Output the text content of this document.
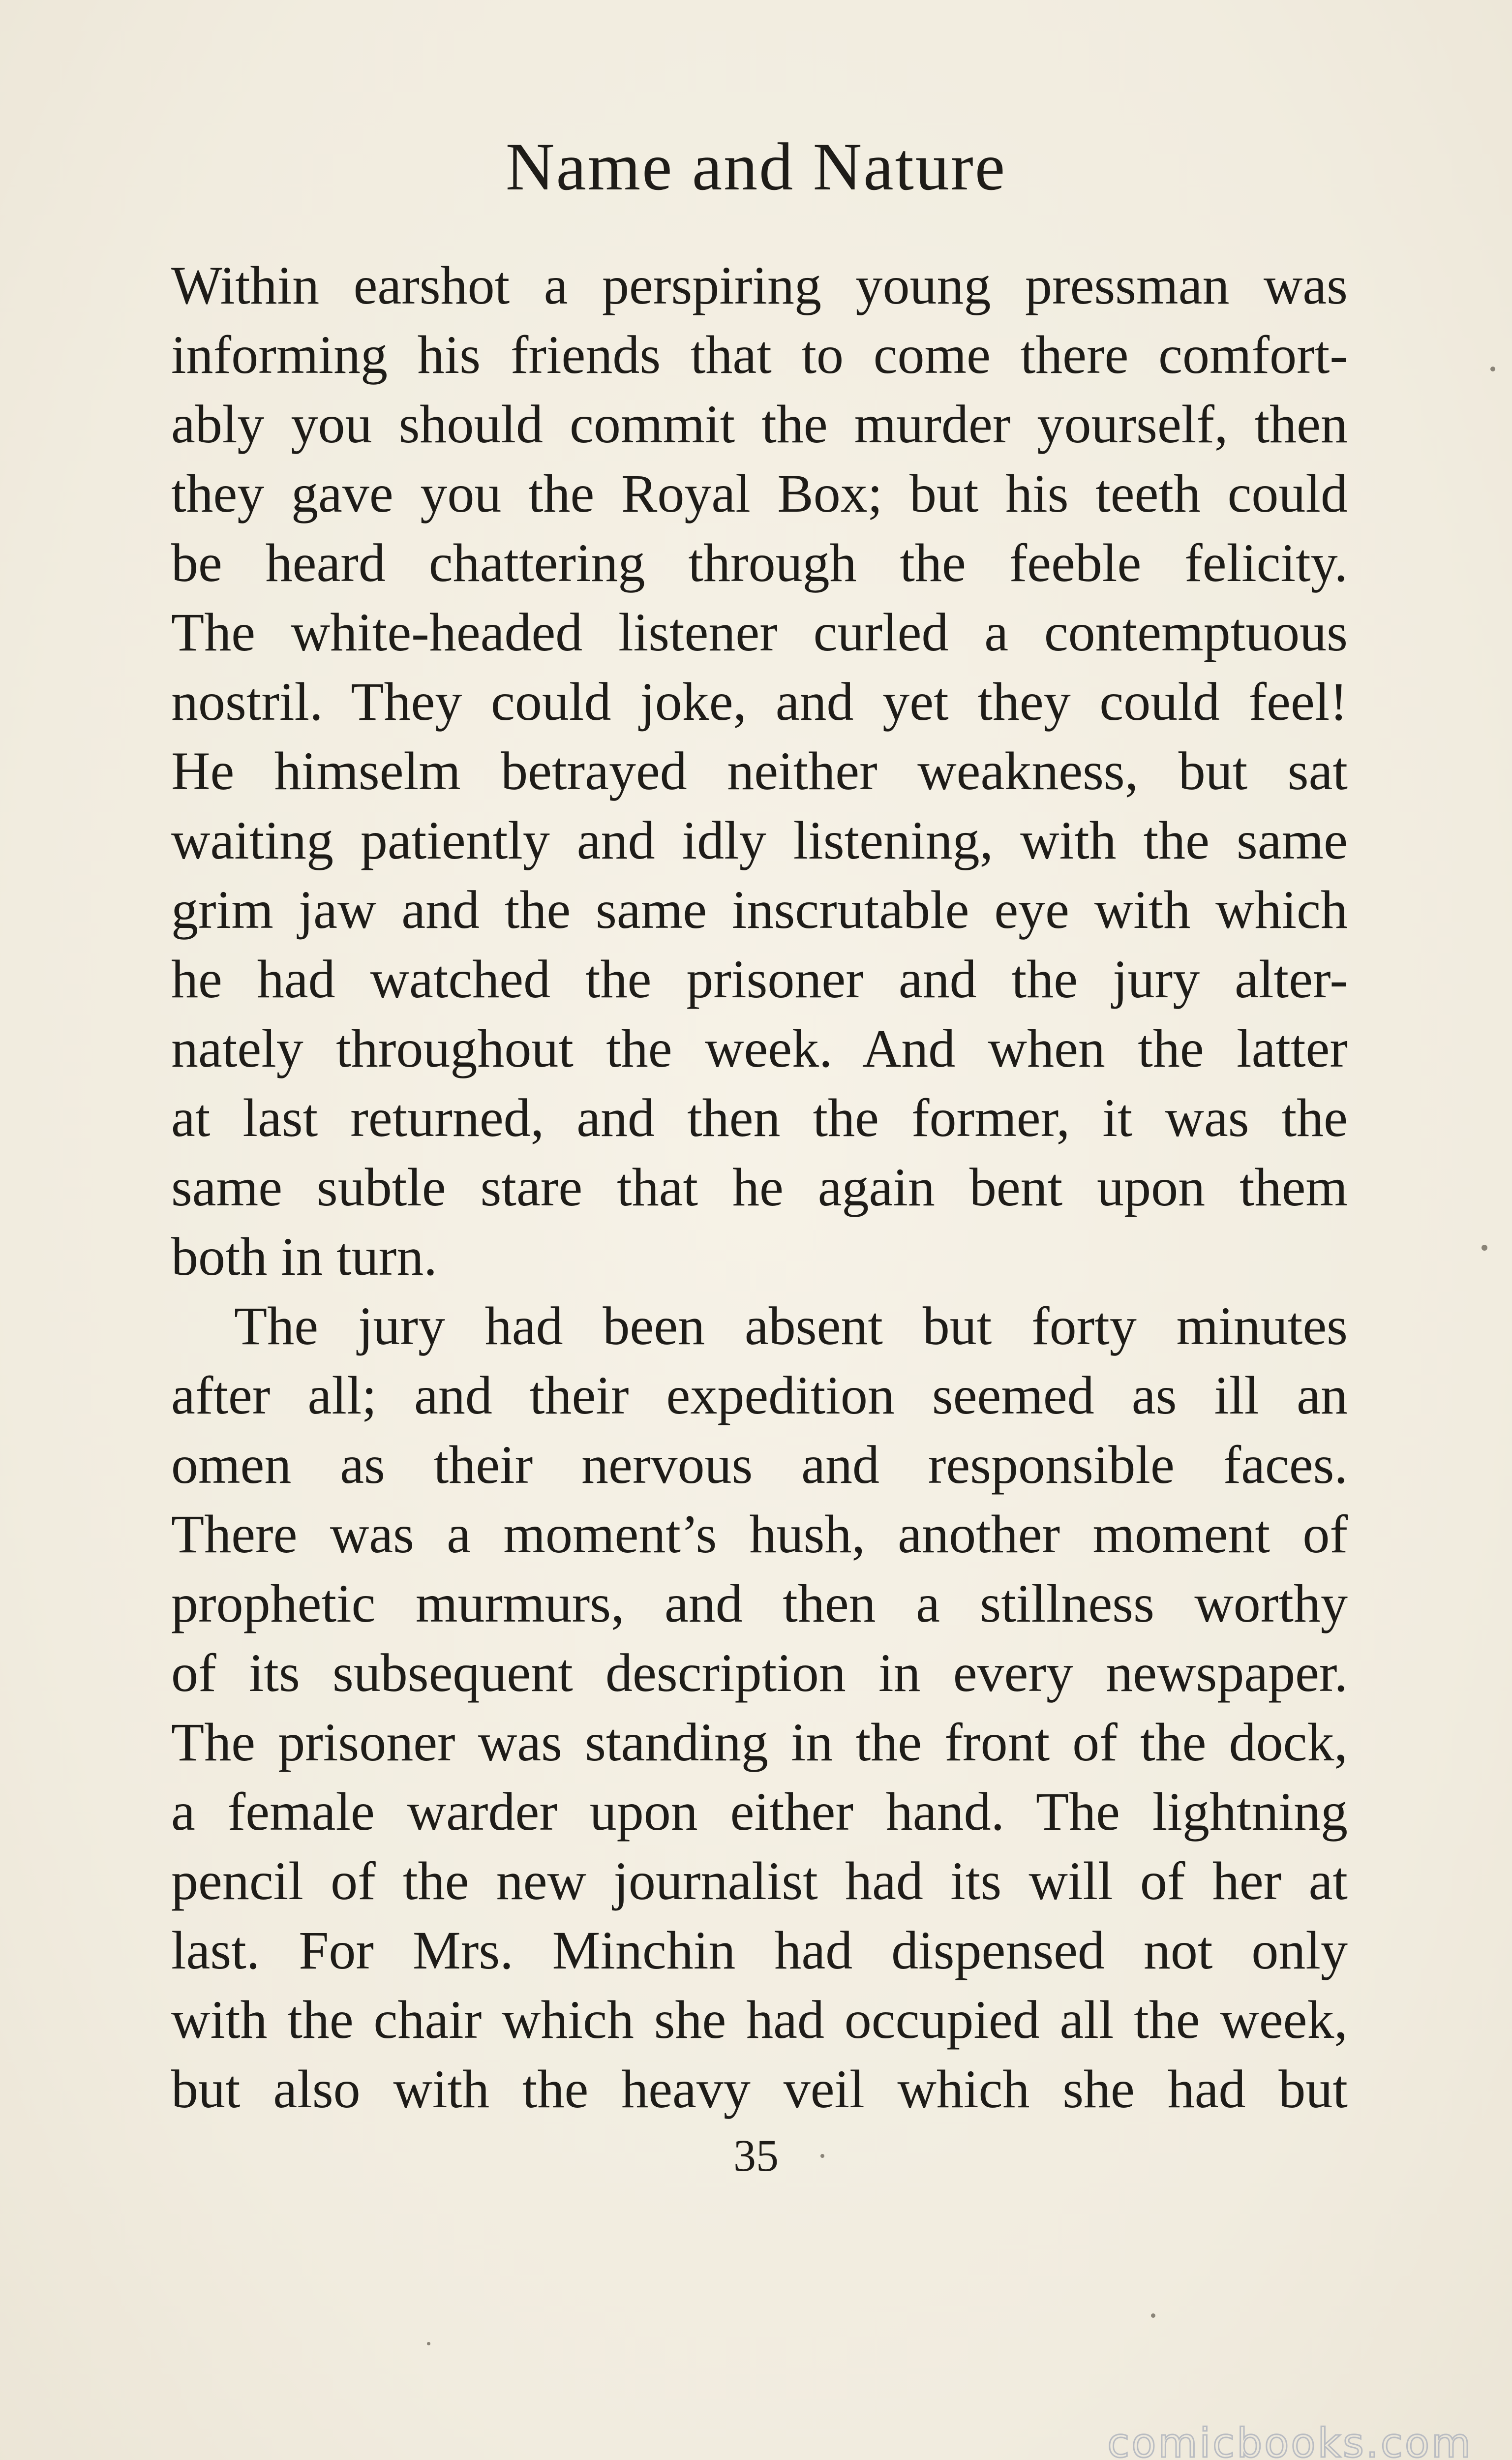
Name and Nature
Within earshot a perspiring young pressman was
informing his friends that to come there comfort-
ably you should commit the murder yourself, then
they gave you the Royal Box; but his teeth could
be heard chattering through the feeble felicity.
The white-headed listener curled a contemptuous
nostril. They could joke, and yet they could feel!
He himselm betrayed neither weakness, but sat
waiting patiently and idly listening, with the same
grim jaw and the same inscrutable eye with which
he had watched the prisoner and the jury alter-
nately throughout the week. And when the latter
at last returned, and then the former, it was the
same subtle stare that he again bent upon them
both in turn.
The jury had been absent but forty minutes
after all; and their expedition seemed as ill an
omen as their nervous and responsible faces.
There was a moment’s hush, another moment of
prophetic murmurs, and then a stillness worthy
of its subsequent description in every newspaper.
The prisoner was standing in the front of the dock,
a female warder upon either hand. The lightning
pencil of the new journalist had its will of her at
last. For Mrs. Minchin had dispensed not only
with the chair which she had occupied all the week,
but also with the heavy veil which she had but
35
comicbooks.com
